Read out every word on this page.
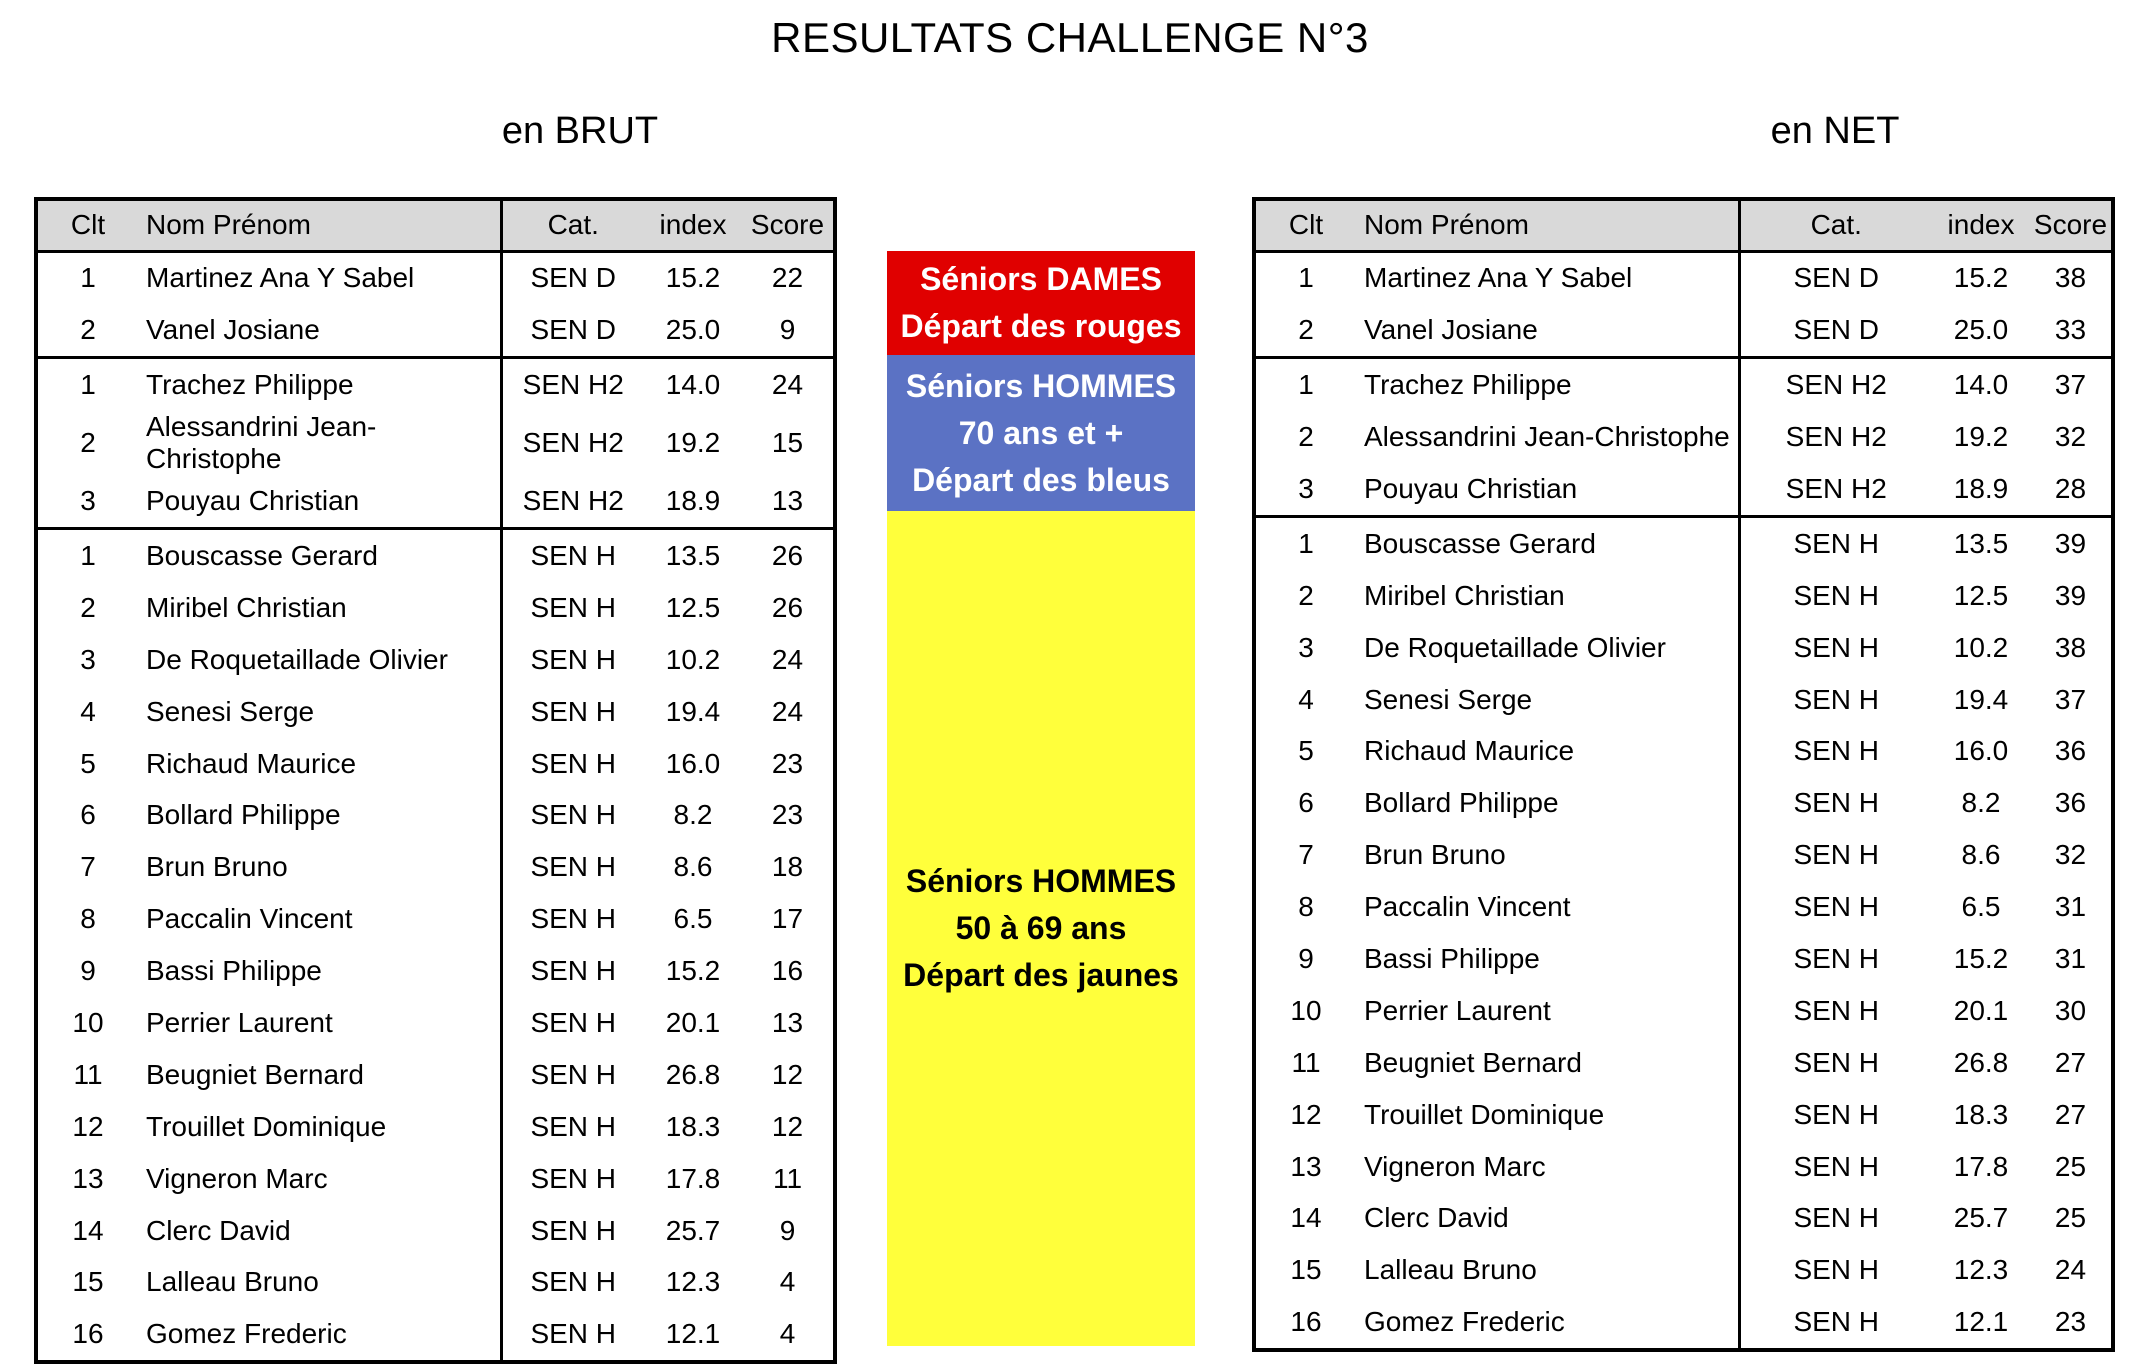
RESULTATS CHALLENGE N°3
en BRUT	en NET
Clt	Nom Prénom	Cat.	index	Score
1	Martinez Ana Y Sabel	SEN D	15.2	22
2	Vanel Josiane	SEN D	25.0	9
1	Trachez Philippe	SEN H2	14.0	24
2	Alessandrini Jean-Christophe	SEN H2	19.2	15
3	Pouyau Christian	SEN H2	18.9	13
1	Bouscasse Gerard	SEN H	13.5	26
2	Miribel Christian	SEN H	12.5	26
3	De Roquetaillade Olivier	SEN H	10.2	24
4	Senesi Serge	SEN H	19.4	24
5	Richaud Maurice	SEN H	16.0	23
6	Bollard Philippe	SEN H	8.2	23
7	Brun Bruno	SEN H	8.6	18
8	Paccalin Vincent	SEN H	6.5	17
9	Bassi Philippe	SEN H	15.2	16
10	Perrier Laurent	SEN H	20.1	13
11	Beugniet Bernard	SEN H	26.8	12
12	Trouillet Dominique	SEN H	18.3	12
13	Vigneron Marc	SEN H	17.8	11
14	Clerc David	SEN H	25.7	9
15	Lalleau Bruno	SEN H	12.3	4
16	Gomez Frederic	SEN H	12.1	4
Clt	Nom Prénom	Cat.	index	Score
1	Martinez Ana Y Sabel	SEN D	15.2	38
2	Vanel Josiane	SEN D	25.0	33
1	Trachez Philippe	SEN H2	14.0	37
2	Alessandrini Jean-Christophe	SEN H2	19.2	32
3	Pouyau Christian	SEN H2	18.9	28
1	Bouscasse Gerard	SEN H	13.5	39
2	Miribel Christian	SEN H	12.5	39
3	De Roquetaillade Olivier	SEN H	10.2	38
4	Senesi Serge	SEN H	19.4	37
5	Richaud Maurice	SEN H	16.0	36
6	Bollard Philippe	SEN H	8.2	36
7	Brun Bruno	SEN H	8.6	32
8	Paccalin Vincent	SEN H	6.5	31
9	Bassi Philippe	SEN H	15.2	31
10	Perrier Laurent	SEN H	20.1	30
11	Beugniet Bernard	SEN H	26.8	27
12	Trouillet Dominique	SEN H	18.3	27
13	Vigneron Marc	SEN H	17.8	25
14	Clerc David	SEN H	25.7	25
15	Lalleau Bruno	SEN H	12.3	24
16	Gomez Frederic	SEN H	12.1	23
Séniors DAMES
Départ des rouges
Séniors HOMMES
70 ans et +
Départ des bleus
Séniors HOMMES
50 à 69 ans
Départ des jaunes
